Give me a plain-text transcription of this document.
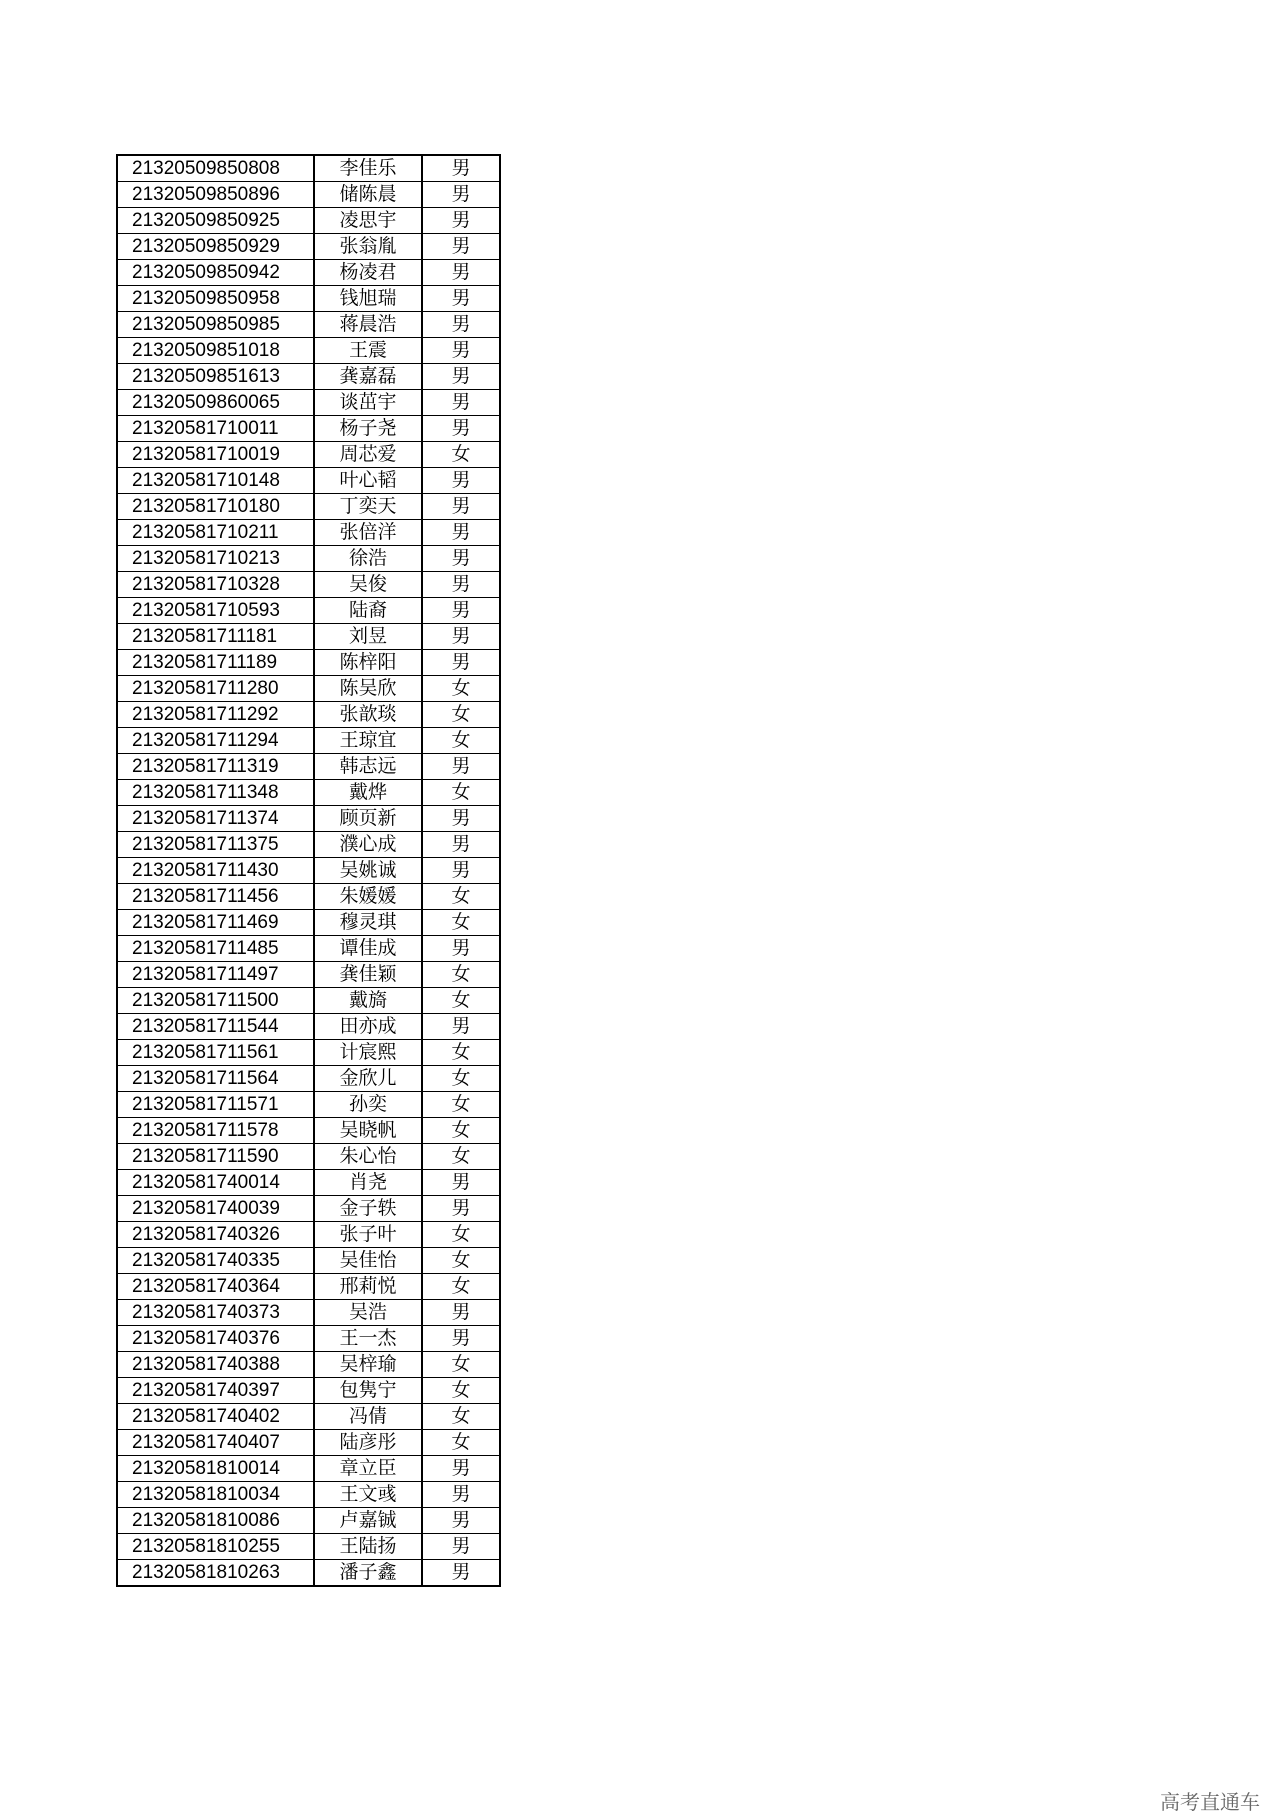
21320509850808	李佳乐	男
21320509850896	储陈晨	男
21320509850925	凌思宇	男
21320509850929	张翁胤	男
21320509850942	杨凌君	男
21320509850958	钱旭瑞	男
21320509850985	蒋晨浩	男
21320509851018	王震	男
21320509851613	龚嘉磊	男
21320509860065	谈茁宇	男
21320581710011	杨子尧	男
21320581710019	周芯爱	女
21320581710148	叶心韬	男
21320581710180	丁奕天	男
21320581710211	张倍洋	男
21320581710213	徐浩	男
21320581710328	吴俊	男
21320581710593	陆裔	男
21320581711181	刘昱	男
21320581711189	陈梓阳	男
21320581711280	陈吴欣	女
21320581711292	张歆琰	女
21320581711294	王琼宜	女
21320581711319	韩志远	男
21320581711348	戴烨	女
21320581711374	顾页新	男
21320581711375	濮心成	男
21320581711430	吴姚诚	男
21320581711456	朱媛媛	女
21320581711469	穆灵琪	女
21320581711485	谭佳成	男
21320581711497	龚佳颖	女
21320581711500	戴旖	女
21320581711544	田亦成	男
21320581711561	计宸熙	女
21320581711564	金欣儿	女
21320581711571	孙奕	女
21320581711578	吴晓帆	女
21320581711590	朱心怡	女
21320581740014	肖尧	男
21320581740039	金子轶	男
21320581740326	张子叶	女
21320581740335	吴佳怡	女
21320581740364	邢莉悦	女
21320581740373	吴浩	男
21320581740376	王一杰	男
21320581740388	吴梓瑜	女
21320581740397	包隽宁	女
21320581740402	冯倩	女
21320581740407	陆彦彤	女
21320581810014	章立臣	男
21320581810034	王文彧	男
21320581810086	卢嘉铖	男
21320581810255	王陆扬	男
21320581810263	潘子鑫	男
高考直通车
